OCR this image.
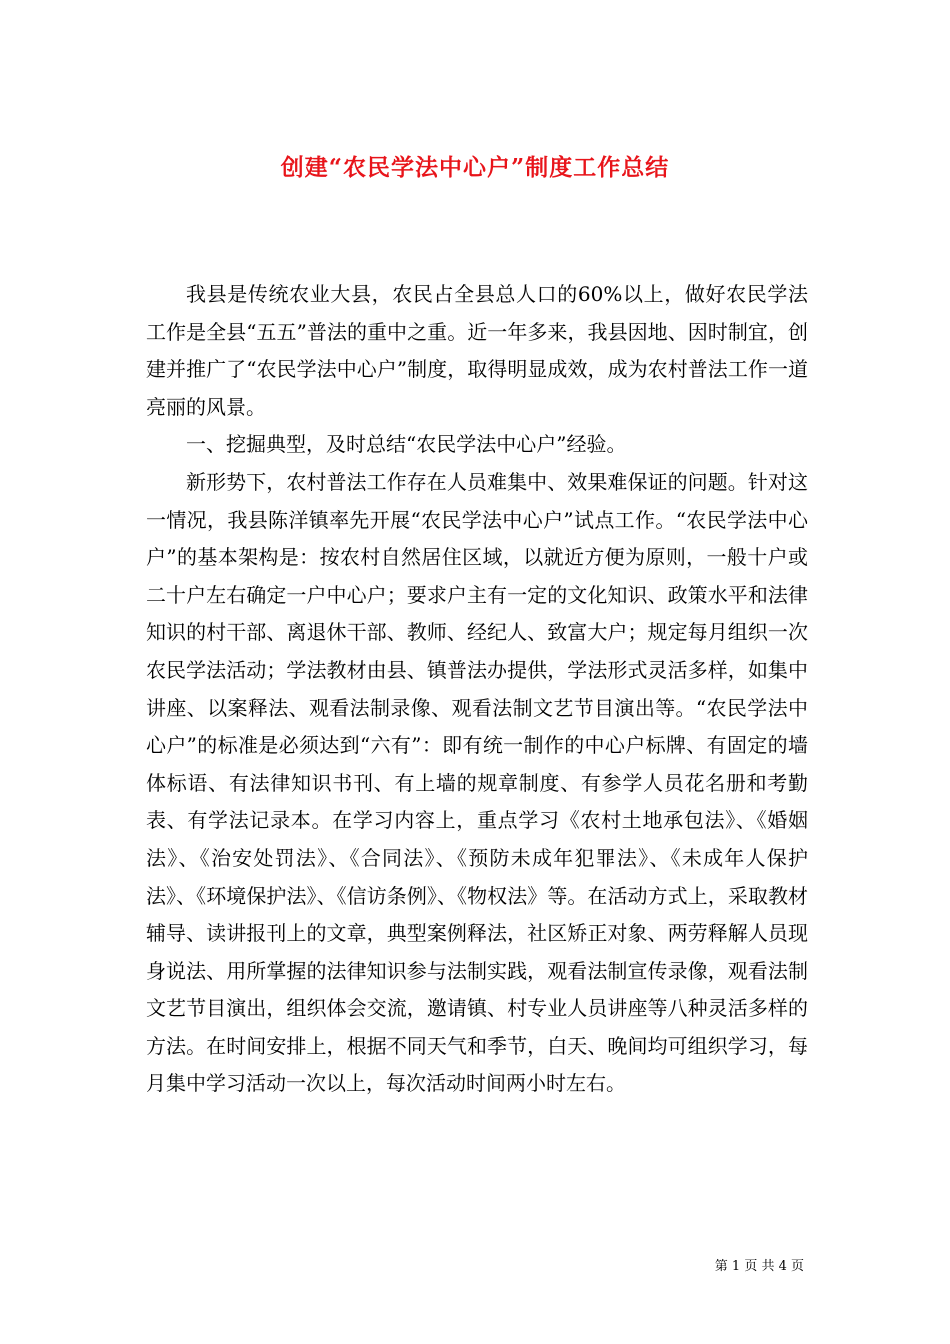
创建“农民学法中心户”制度工作总结

我县是传统农业大县，农民占全县总人口的60%以上，做好农民学法工作是全县“五五”普法的重中之重。近一年多来，我县因地、因时制宜，创建并推广了“农民学法中心户”制度，取得明显成效，成为农村普法工作一道亮丽的风景。

一、挖掘典型，及时总结“农民学法中心户”经验。

新形势下，农村普法工作存在人员难集中、效果难保证的问题。针对这一情况，我县陈洋镇率先开展“农民学法中心户”试点工作。“农民学法中心户”的基本架构是：按农村自然居住区域，以就近方便为原则，一般十户或二十户左右确定一户中心户；要求户主有一定的文化知识、政策水平和法律知识的村干部、离退休干部、教师、经纪人、致富大户；规定每月组织一次农民学法活动；学法教材由县、镇普法办提供，学法形式灵活多样，如集中讲座、以案释法、观看法制录像、观看法制文艺节目演出等。“农民学法中心户”的标准是必须达到“六有”：即有统一制作的中心户标牌、有固定的墙体标语、有法律知识书刊、有上墙的规章制度、有参学人员花名册和考勤表、有学法记录本。在学习内容上，重点学习《农村土地承包法》、《婚姻法》、《治安处罚法》、《合同法》、《预防未成年犯罪法》、《未成年人保护法》、《环境保护法》、《信访条例》、《物权法》等。在活动方式上，采取教材辅导、读讲报刊上的文章，典型案例释法，社区矫正对象、两劳释解人员现身说法、用所掌握的法律知识参与法制实践，观看法制宣传录像，观看法制文艺节目演出，组织体会交流，邀请镇、村专业人员讲座等八种灵活多样的方法。在时间安排上，根据不同天气和季节，白天、晚间均可组织学习，每月集中学习活动一次以上，每次活动时间两小时左右。

第 1 页 共 4 页
